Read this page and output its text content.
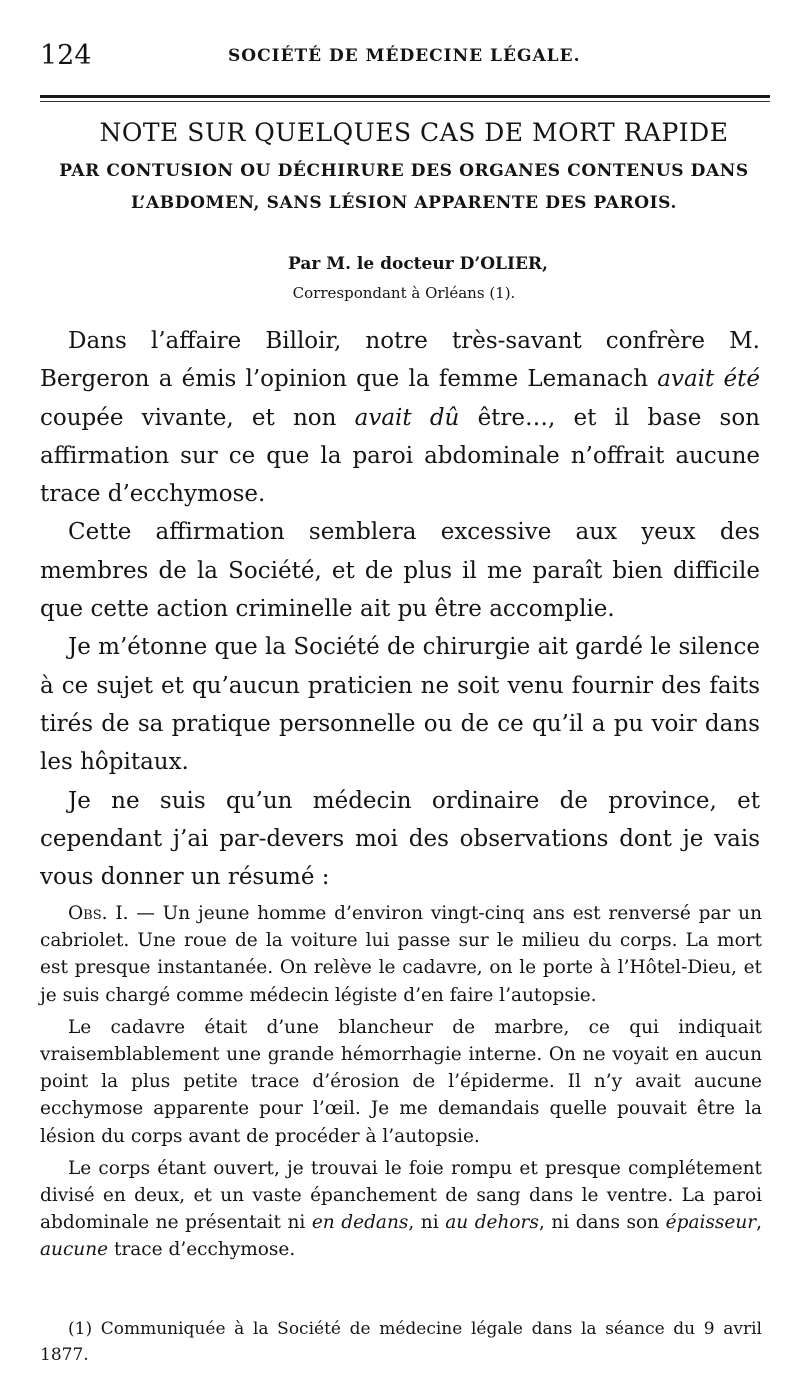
124	SOCIÉTÉ DE MÉDECINE LÉGALE.
NOTE SUR QUELQUES CAS DE MORT RAPIDE
PAR CONTUSION OU DÉCHIRURE DES ORGANES CONTENUS DANS
L’ABDOMEN, SANS LÉSION APPARENTE DES PAROIS.
Par M. le docteur D’OLIER,
Correspondant à Orléans (1).

Dans l’affaire Billoir, notre très-savant confrère M. Bergeron a émis l’opinion que la femme Lemanach avait été coupée vivante, et non avait dû être…, et il base son affirmation sur ce que la paroi abdominale n’offrait aucune trace d’ecchymose.

Cette affirmation semblera excessive aux yeux des membres de la Société, et de plus il me paraît bien difficile que cette action criminelle ait pu être accomplie.

Je m’étonne que la Société de chirurgie ait gardé le silence à ce sujet et qu’aucun praticien ne soit venu fournir des faits tirés de sa pratique personnelle ou de ce qu’il a pu voir dans les hôpitaux.

Je ne suis qu’un médecin ordinaire de province, et cependant j’ai par-devers moi des observations dont je vais vous donner un résumé :

Obs. I. — Un jeune homme d’environ vingt-cinq ans est renversé par un cabriolet. Une roue de la voiture lui passe sur le milieu du corps. La mort est presque instantanée. On relève le cadavre, on le porte à l’Hôtel-Dieu, et je suis chargé comme médecin légiste d’en faire l’autopsie.

Le cadavre était d’une blancheur de marbre, ce qui indiquait vraisemblablement une grande hémorrhagie interne. On ne voyait en aucun point la plus petite trace d’érosion de l’épiderme. Il n’y avait aucune ecchymose apparente pour l’œil. Je me demandais quelle pouvait être la lésion du corps avant de procéder à l’autopsie.

Le corps étant ouvert, je trouvai le foie rompu et presque complétement divisé en deux, et un vaste épanchement de sang dans le ventre. La paroi abdominale ne présentait ni en dedans, ni au dehors, ni dans son épaisseur, aucune trace d’ecchymose.

(1) Communiquée à la Société de médecine légale dans la séance du 9 avril 1877.
